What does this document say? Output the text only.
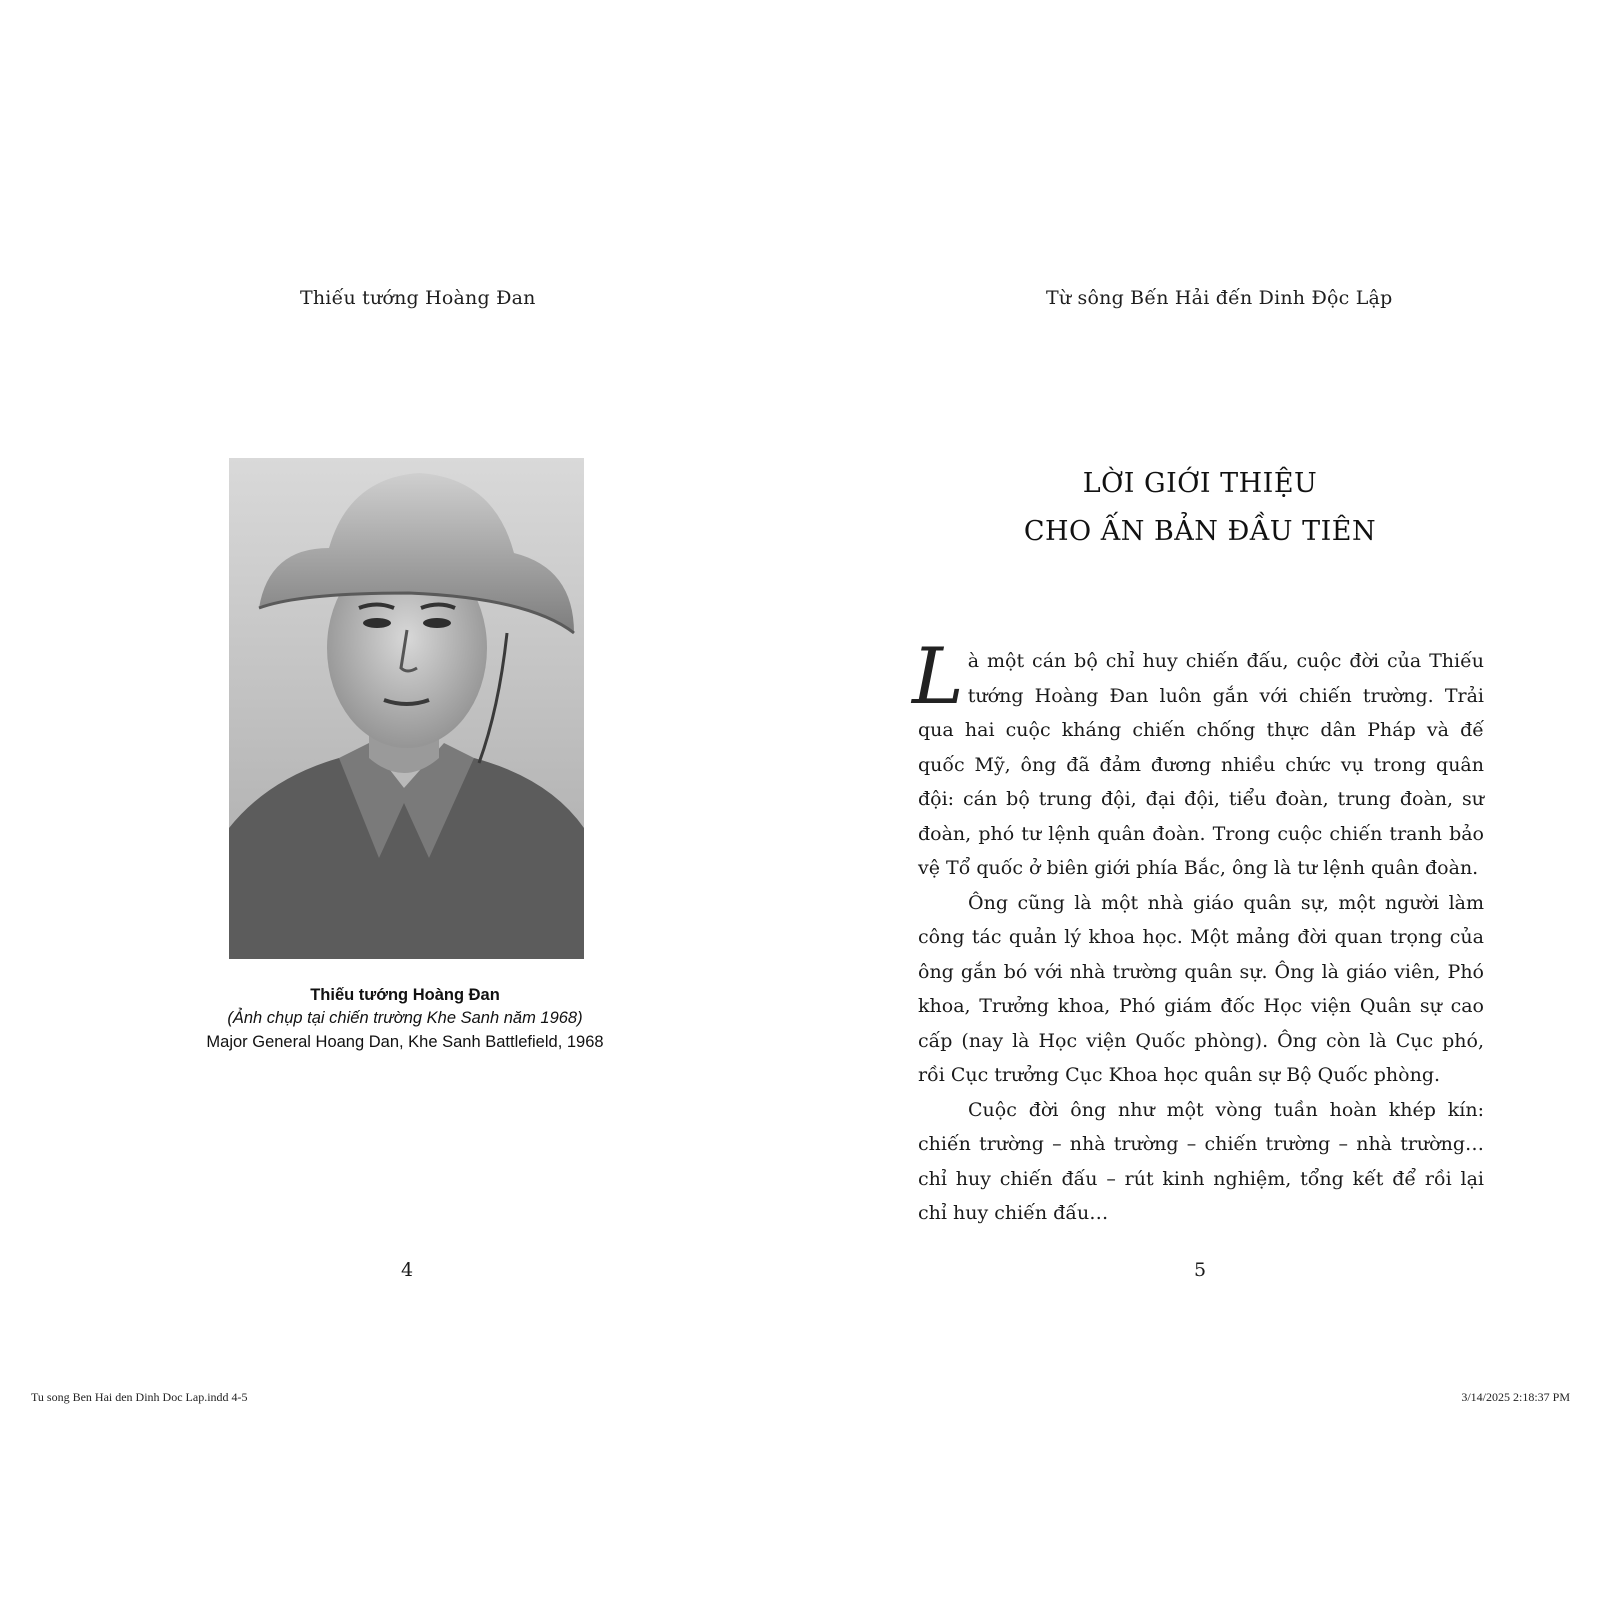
Thiếu tướng Hoàng Đan
Thiếu tướng Hoàng Đan
(Ảnh chụp tại chiến trường Khe Sanh năm 1968)
Major General Hoang Dan, Khe Sanh Battlefield, 1968
4
Từ sông Bến Hải đến Dinh Độc Lập
LỜI GIỚI THIỆU
CHO ẤN BẢN ĐẦU TIÊN

Là một cán bộ chỉ huy chiến đấu, cuộc đời của Thiếu tướng Hoàng Đan luôn gắn với chiến trường. Trải qua hai cuộc kháng chiến chống thực dân Pháp và đế quốc Mỹ, ông đã đảm đương nhiều chức vụ trong quân đội: cán bộ trung đội, đại đội, tiểu đoàn, trung đoàn, sư đoàn, phó tư lệnh quân đoàn. Trong cuộc chiến tranh bảo vệ Tổ quốc ở biên giới phía Bắc, ông là tư lệnh quân đoàn.

Ông cũng là một nhà giáo quân sự, một người làm công tác quản lý khoa học. Một mảng đời quan trọng của ông gắn bó với nhà trường quân sự. Ông là giáo viên, Phó khoa, Trưởng khoa, Phó giám đốc Học viện Quân sự cao cấp (nay là Học viện Quốc phòng). Ông còn là Cục phó, rồi Cục trưởng Cục Khoa học quân sự Bộ Quốc phòng.

Cuộc đời ông như một vòng tuần hoàn khép kín: chiến trường – nhà trường – chiến trường – nhà trường… chỉ huy chiến đấu – rút kinh nghiệm, tổng kết để rồi lại chỉ huy chiến đấu…

5
Tu song Ben Hai den Dinh Doc Lap.indd 4-5	3/14/2025 2:18:37 PM
